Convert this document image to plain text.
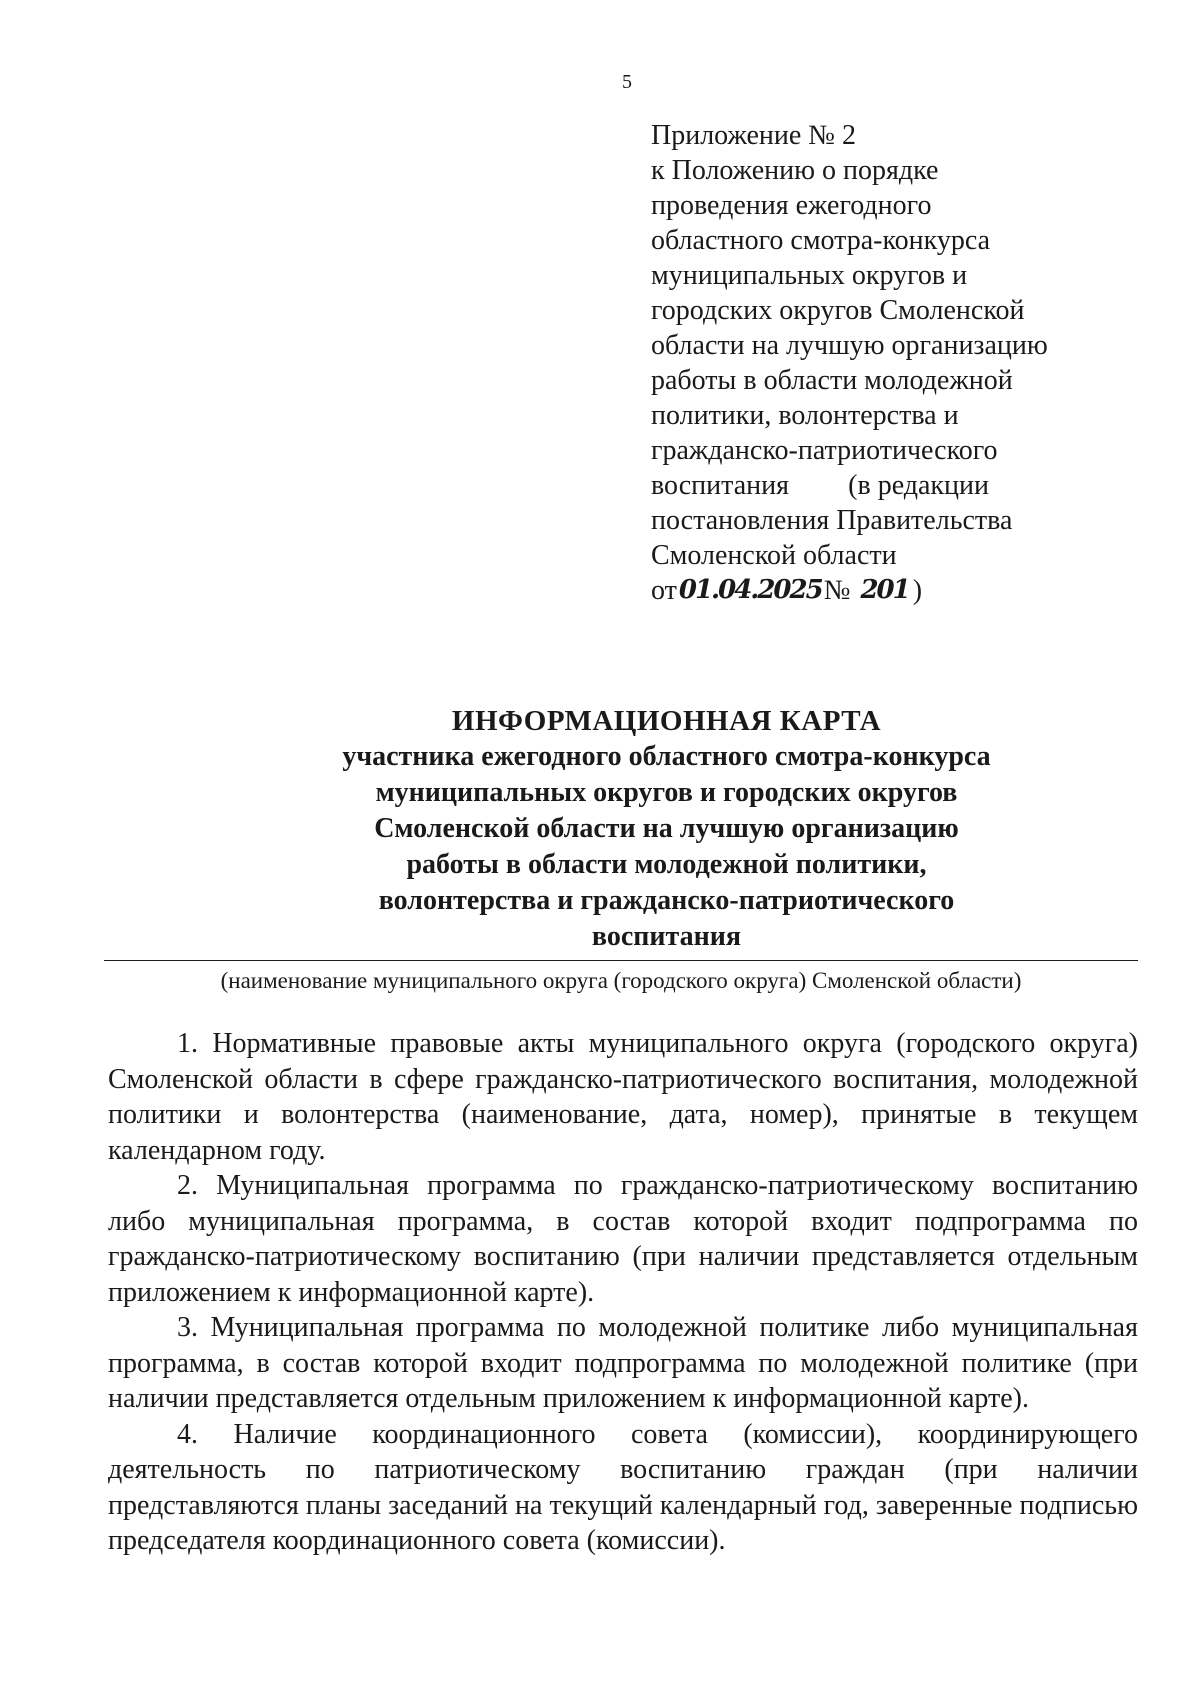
5
Приложение № 2
к Положению о порядке
проведения ежегодного
областного смотра-конкурса
муниципальных округов и
городских округов Смоленской
области на лучшую организацию
работы в области молодежной
политики, волонтерства и
гражданско-патриотического
воспитания (в редакции
постановления Правительства
Смоленской области
от 01.04.2025 № 201 )
ИНФОРМАЦИОННАЯ КАРТА
участника ежегодного областного смотра-конкурса
муниципальных округов и городских округов
Смоленской области на лучшую организацию
работы в области молодежной политики,
волонтерства и гражданско-патриотического
воспитания
(наименование муниципального округа (городского округа) Смоленской области)

1. Нормативные правовые акты муниципального округа (городского округа) Смоленской области в сфере гражданско-патриотического воспитания, молодежной политики и волонтерства (наименование, дата, номер), принятые в текущем календарном году.

2. Муниципальная программа по гражданско-патриотическому воспитанию либо муниципальная программа, в состав которой входит подпрограмма по гражданско-патриотическому воспитанию (при наличии представляется отдельным приложением к информационной карте).

3. Муниципальная программа по молодежной политике либо муниципальная программа, в состав которой входит подпрограмма по молодежной политике (при наличии представляется отдельным приложением к информационной карте).

4. Наличие координационного совета (комиссии), координирующего деятельность по патриотическому воспитанию граждан (при наличии представляются планы заседаний на текущий календарный год, заверенные подписью председателя координационного совета (комиссии).
